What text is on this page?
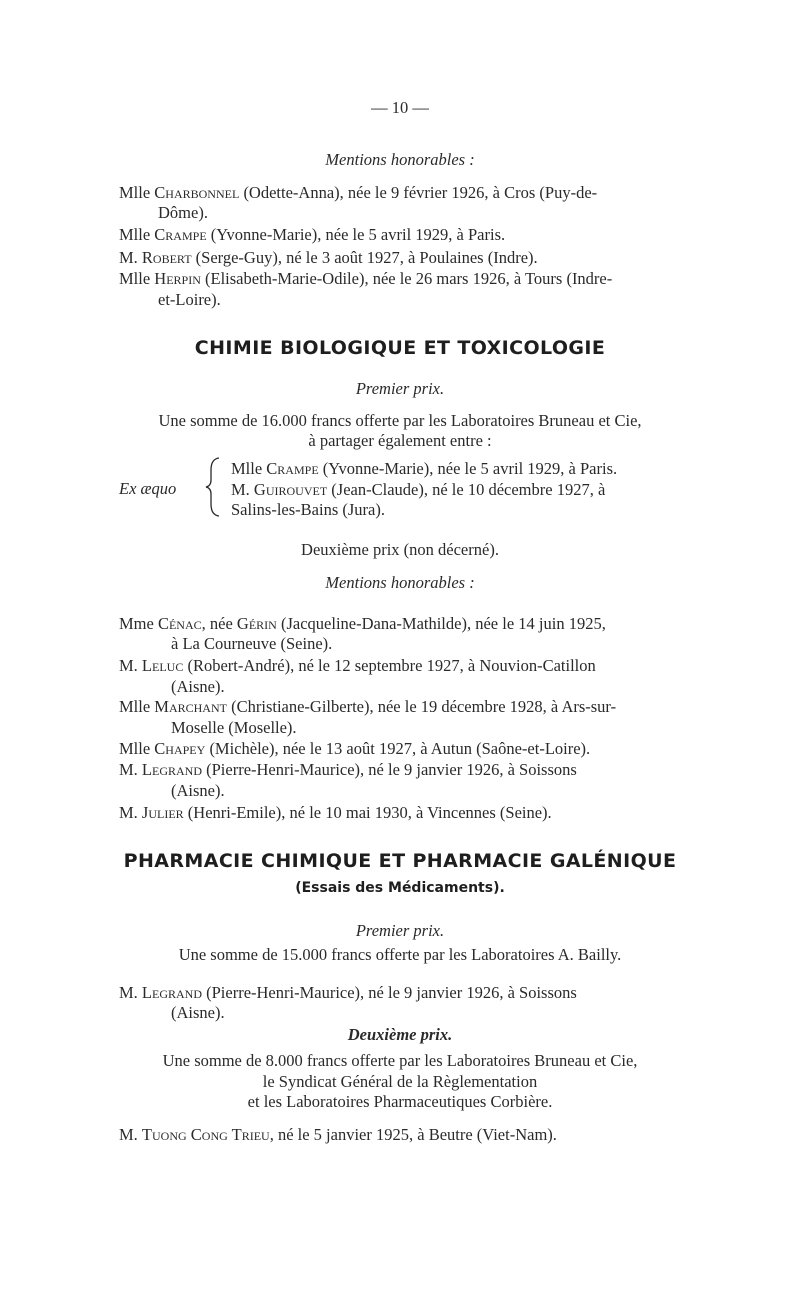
— 10 —
Mentions honorables :
Mlle Charbonnel (Odette-Anna), née le 9 février 1926, à Cros (Puy-de-
Dôme).
Mlle Crampe (Yvonne-Marie), née le 5 avril 1929, à Paris.
M. Robert (Serge-Guy), né le 3 août 1927, à Poulaines (Indre).
Mlle Herpin (Elisabeth-Marie-Odile), née le 26 mars 1926, à Tours (Indre-
et-Loire).
CHIMIE BIOLOGIQUE ET TOXICOLOGIE
Premier prix.
Une somme de 16.000 francs offerte par les Laboratoires Bruneau et Cie,
à partager également entre :
Ex æquo
Mlle Crampe (Yvonne-Marie), née le 5 avril 1929, à Paris.
M. Guirouvet (Jean-Claude), né le 10 décembre 1927, à
Salins-les-Bains (Jura).
Deuxième prix (non décerné).
Mentions honorables :
Mme Cénac, née Gérin (Jacqueline-Dana-Mathilde), née le 14 juin 1925,
à La Courneuve (Seine).
M. Leluc (Robert-André), né le 12 septembre 1927, à Nouvion-Catillon
(Aisne).
Mlle Marchant (Christiane-Gilberte), née le 19 décembre 1928, à Ars-sur-
Moselle (Moselle).
Mlle Chapey (Michèle), née le 13 août 1927, à Autun (Saône-et-Loire).
M. Legrand (Pierre-Henri-Maurice), né le 9 janvier 1926, à Soissons
(Aisne).
M. Julier (Henri-Emile), né le 10 mai 1930, à Vincennes (Seine).
PHARMACIE CHIMIQUE ET PHARMACIE GALÉNIQUE
(Essais des Médicaments).
Premier prix.
Une somme de 15.000 francs offerte par les Laboratoires A. Bailly.
M. Legrand (Pierre-Henri-Maurice), né le 9 janvier 1926, à Soissons
(Aisne).
Deuxième prix.
Une somme de 8.000 francs offerte par les Laboratoires Bruneau et Cie,
le Syndicat Général de la Règlementation
et les Laboratoires Pharmaceutiques Corbière.
M. Tuong Cong Trieu, né le 5 janvier 1925, à Beutre (Viet-Nam).
